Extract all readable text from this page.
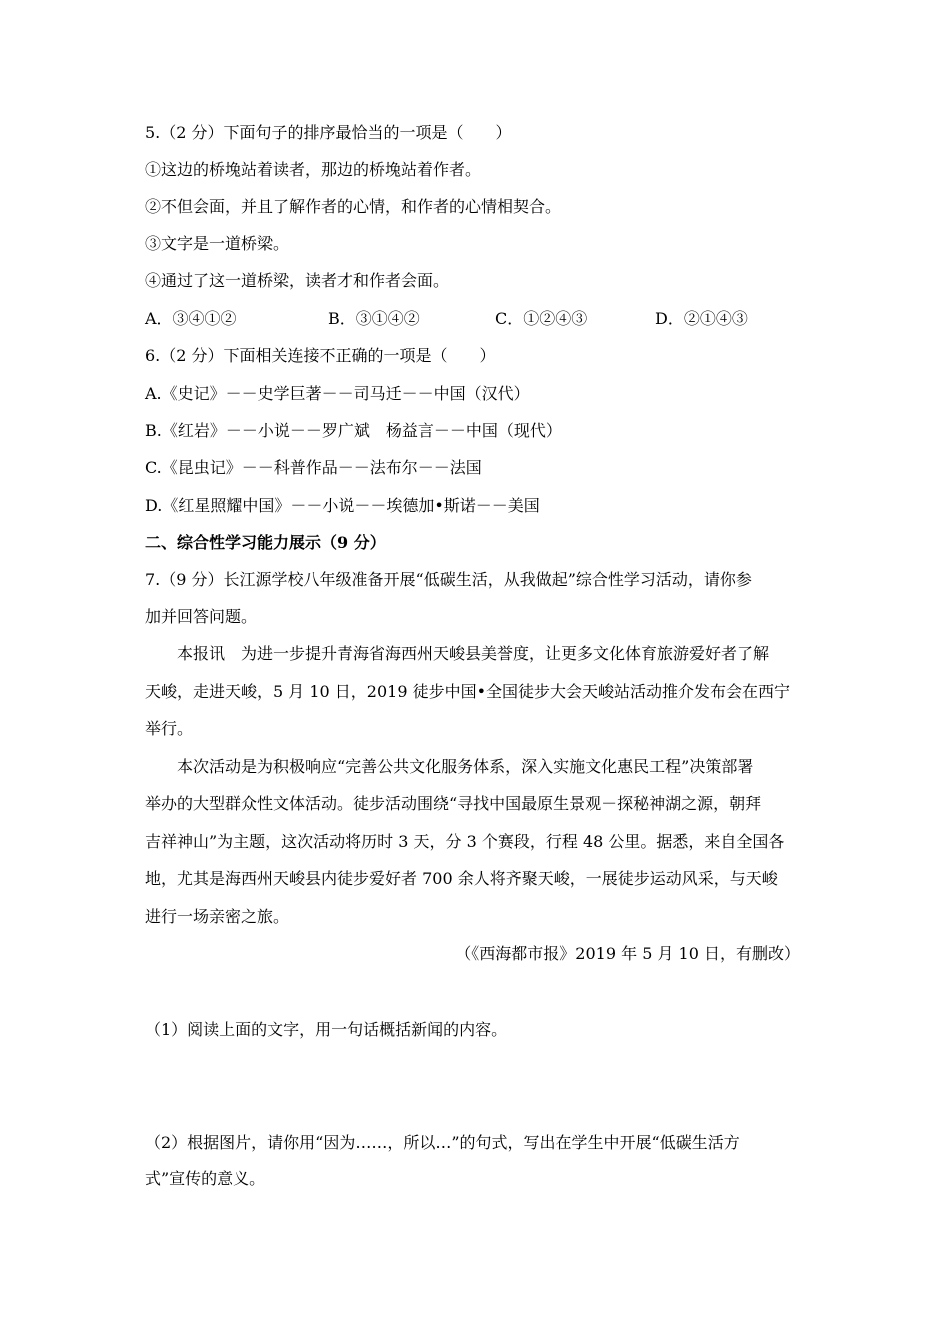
5.（2 分）下面句子的排序最恰当的一项是（　　）
①这边的桥堍站着读者，那边的桥堍站着作者。
②不但会面，并且了解作者的心情，和作者的心情相契合。
③文字是一道桥梁。
④通过了这一道桥梁，读者才和作者会面。
A．③④①②	B．③①④②	C．①②④③	D．②①④③
6.（2 分）下面相关连接不正确的一项是（　　）
A.《史记》－－史学巨著－－司马迁－－中国（汉代）
B.《红岩》－－小说－－罗广斌　杨益言－－中国（现代）
C.《昆虫记》－－科普作品－－法布尔－－法国
D.《红星照耀中国》－－小说－－埃德加•斯诺－－美国
二、综合性学习能力展示（9 分）
7.（9 分）长江源学校八年级准备开展“低碳生活，从我做起”综合性学习活动，请你参
加并回答问题。
本报讯　为进一步提升青海省海西州天峻县美誉度，让更多文化体育旅游爱好者了解
天峻，走进天峻，5 月 10 日，2019 徒步中国•全国徒步大会天峻站活动推介发布会在西宁
举行。
本次活动是为积极响应“完善公共文化服务体系，深入实施文化惠民工程”决策部署
举办的大型群众性文体活动。徒步活动围绕“寻找中国最原生景观－探秘神湖之源，朝拜
吉祥神山”为主题，这次活动将历时 3 天，分 3 个赛段，行程 48 公里。据悉，来自全国各
地，尤其是海西州天峻县内徒步爱好者 700 余人将齐聚天峻，一展徒步运动风采，与天峻
进行一场亲密之旅。
（《西海都市报》2019 年 5 月 10 日，有删改）
（1）阅读上面的文字，用一句话概括新闻的内容。
（2）根据图片，请你用“因为……，所以…”的句式，写出在学生中开展“低碳生活方
式”宣传的意义。
